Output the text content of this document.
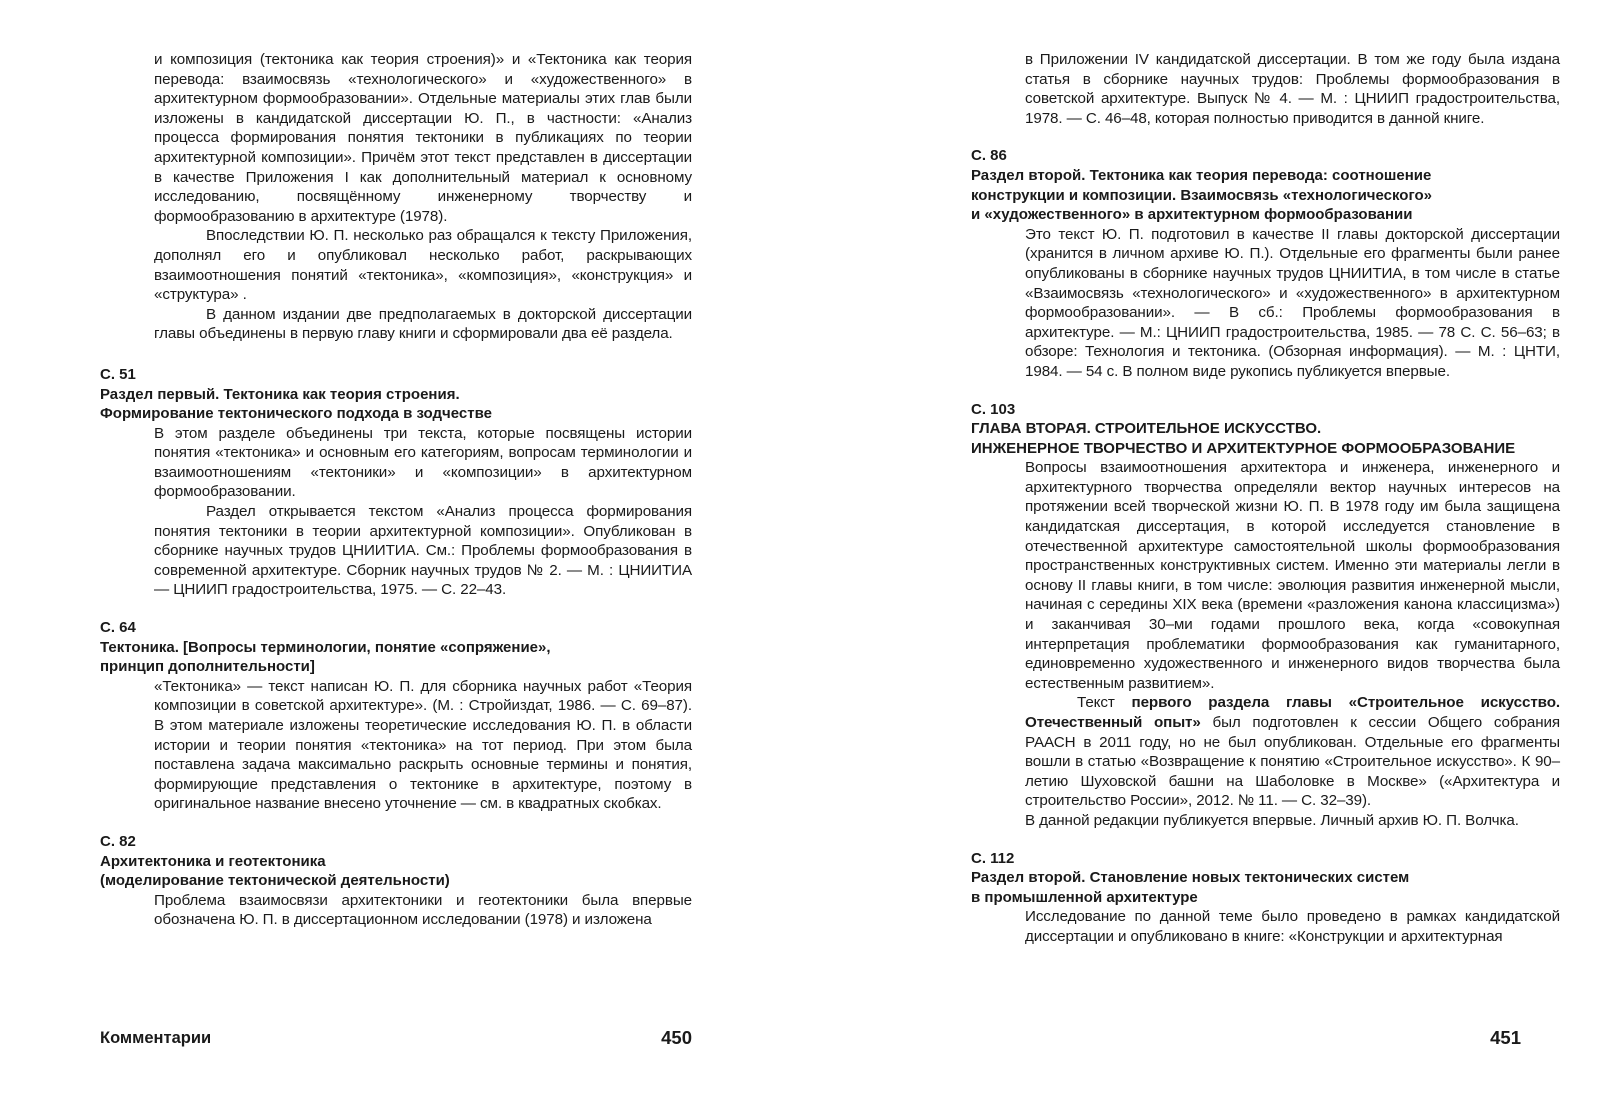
и композиция (тектоника как теория строения)» и «Тектоника как теория перевода: взаимосвязь «технологического» и «художественного» в архитектурном формообразовании». Отдельные материалы этих глав были изложены в кандидатской диссертации Ю. П., в частности: «Анализ процесса формирования понятия тектоники в публикациях по теории архитектурной композиции». Причём этот текст представлен в диссертации в качестве Приложения I как дополнительный материал к основному исследованию, посвящённому инженерному творчеству и формообразованию в архитектуре (1978).

Впоследствии Ю. П. несколько раз обращался к тексту Приложения, дополнял его и опубликовал несколько работ, раскрывающих взаимоотношения понятий «тектоника», «композиция», «конструкция» и «структура» .

В данном издании две предполагаемых в докторской диссертации главы объединены в первую главу книги и сформировали два её раздела.

С. 51

Раздел первый. Тектоника как теория строения.

Формирование тектонического подхода в зодчестве

В этом разделе объединены три текста, которые посвящены истории понятия «тектоника» и основным его категориям, вопросам терминологии и взаимоотношениям «тектоники» и «композиции» в архитектурном формообразовании.

Раздел открывается текстом «Анализ процесса формирования понятия тектоники в теории архитектурной композиции». Опубликован в сборнике научных трудов ЦНИИТИА. См.: Проблемы формообразования в современной архитектуре. Сборник научных трудов № 2. — М. : ЦНИИТИА — ЦНИИП градостроительства, 1975. — С. 22–43.

С. 64

Тектоника. [Вопросы терминологии, понятие «сопряжение»,

принцип дополнительности]

«Тектоника» — текст написан Ю. П. для сборника научных работ «Теория композиции в советской архитектуре». (М. : Стройиздат, 1986. — С. 69–87). В этом материале изложены теоретические исследования Ю. П. в области истории и теории понятия «тектоника» на тот период. При этом была поставлена задача максимально раскрыть основные термины и понятия, формирующие представления о тектонике в архитектуре, поэтому в оригинальное название внесено уточнение — см. в квадратных скобках.

С. 82

Архитектоника и геотектоника

(моделирование тектонической деятельности)

Проблема взаимосвязи архитектоники и геотектоники была впервые обозначена Ю. П. в диссертационном исследовании (1978) и изложена

Комментарии	450

в Приложении IV кандидатской диссертации. В том же году была издана статья в сборнике научных трудов: Проблемы формообразования в советской архитектуре. Выпуск № 4. — М. : ЦНИИП градостроительства, 1978. — С. 46–48, которая полностью приводится в данной книге.

С. 86

Раздел второй. Тектоника как теория перевода: соотношение

конструкции и композиции. Взаимосвязь «технологического»

и «художественного» в архитектурном формообразовании

Это текст Ю. П. подготовил в качестве II главы докторской диссертации (хранится в личном архиве Ю. П.). Отдельные его фрагменты были ранее опубликованы в сборнике научных трудов ЦНИИТИА, в том числе в статье «Взаимосвязь «технологического» и «художественного» в архитектурном формообразовании». — В сб.: Проблемы формообразования в архитектуре. — М.: ЦНИИП градостроительства, 1985. — 78 С. С. 56–63; в обзоре: Технология и тектоника. (Обзорная информация). — М. : ЦНТИ, 1984. — 54 с. В полном виде рукопись публикуется впервые.

С. 103

ГЛАВА ВТОРАЯ. СТРОИТЕЛЬНОЕ ИСКУССТВО.

ИНЖЕНЕРНОЕ ТВОРЧЕСТВО И АРХИТЕКТУРНОЕ ФОРМООБРАЗОВАНИЕ

Вопросы взаимоотношения архитектора и инженера, инженерного и архитектурного творчества определяли вектор научных интересов на протяжении всей творческой жизни Ю. П. В 1978 году им была защищена кандидатская диссертация, в которой исследуется становление в отечественной архитектуре самостоятельной школы формообразования пространственных конструктивных систем. Именно эти материалы легли в основу II главы книги, в том числе: эволюция развития инженерной мысли, начиная с середины XIX века (времени «разложения канона классицизма») и заканчивая 30–ми годами прошлого века, когда «совокупная интерпретация проблематики формообразования как гуманитарного, единовременно художественного и инженерного видов творчества была естественным развитием».

Текст первого раздела главы «Строительное искусство. Отечественный опыт» был подготовлен к сессии Общего собрания РААСН в 2011 году, но не был опубликован. Отдельные его фрагменты вошли в статью «Возвращение к понятию «Строительное искусство». К 90–летию Шуховской башни на Шаболовке в Москве» («Архитектура и строительство России», 2012. № 11. — С. 32–39).

В данной редакции публикуется впервые. Личный архив Ю. П. Волчка.

С. 112

Раздел второй. Становление новых тектонических систем

в промышленной архитектуре

Исследование по данной теме было проведено в рамках кандидатской диссертации и опубликовано в книге: «Конструкции и архитектурная

451
